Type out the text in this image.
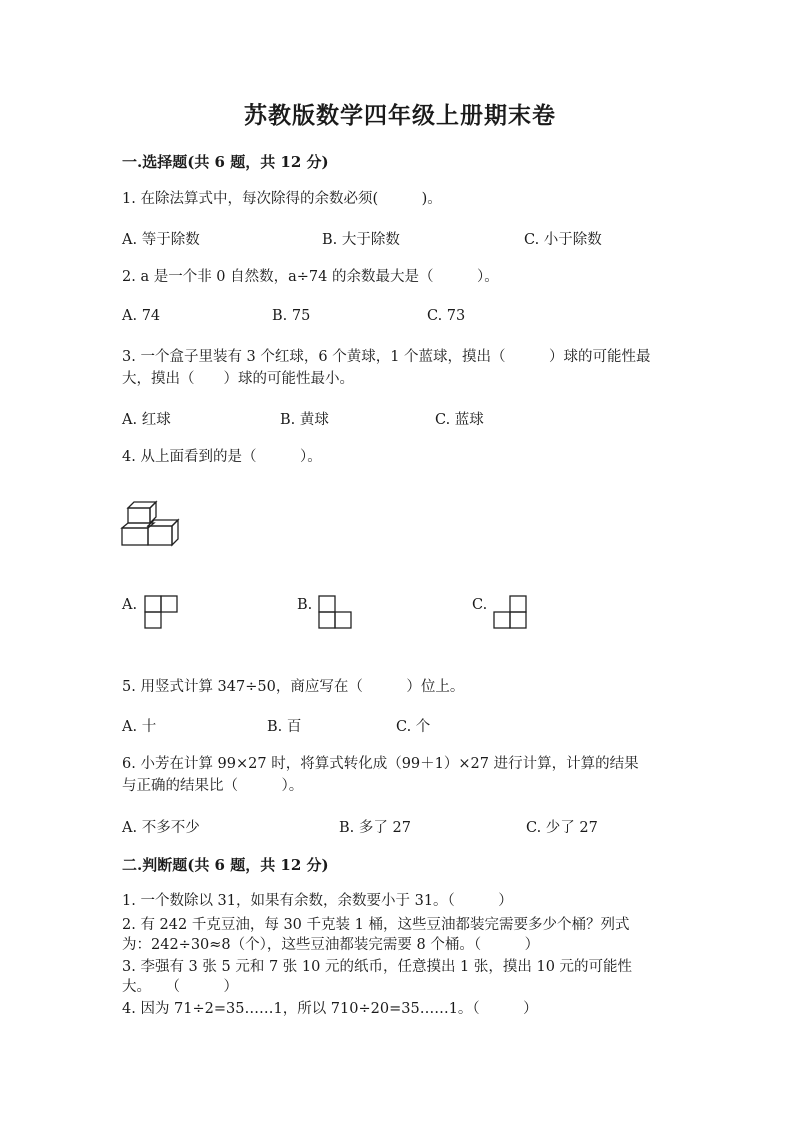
苏教版数学四年级上册期末卷
一.选择题(共 6 题，共 12 分)
1. 在除法算式中，每次除得的余数必须(　　　)。
A. 等于除数	B. 大于除数	C. 小于除数
2. a 是一个非 0 自然数，a÷74 的余数最大是（　　　）。
A. 74	B. 75	C. 73
3. 一个盒子里装有 3 个红球，6 个黄球，1 个蓝球，摸出（　　　）球的可能性最
大，摸出（　　）球的可能性最小。
A. 红球	B. 黄球	C. 蓝球
4. 从上面看到的是（　　　）。
A.	B.	C.
5. 用竖式计算 347÷50，商应写在（　　　）位上。
A. 十	B. 百	C. 个
6. 小芳在计算 99×27 时，将算式转化成（99＋1）×27 进行计算，计算的结果
与正确的结果比（　　　）。
A. 不多不少	B. 多了 27	C. 少了 27
二.判断题(共 6 题，共 12 分)
1. 一个数除以 31，如果有余数，余数要小于 31。（　　　）
2. 有 242 千克豆油，每 30 千克装 1 桶，这些豆油都装完需要多少个桶？列式
为：242÷30≈8（个），这些豆油都装完需要 8 个桶。（　　　）
3. 李强有 3 张 5 元和 7 张 10 元的纸币，任意摸出 1 张，摸出 10 元的可能性
大。　　（　　　）
4. 因为 71÷2=35……1，所以 710÷20=35……1。（　　　）
